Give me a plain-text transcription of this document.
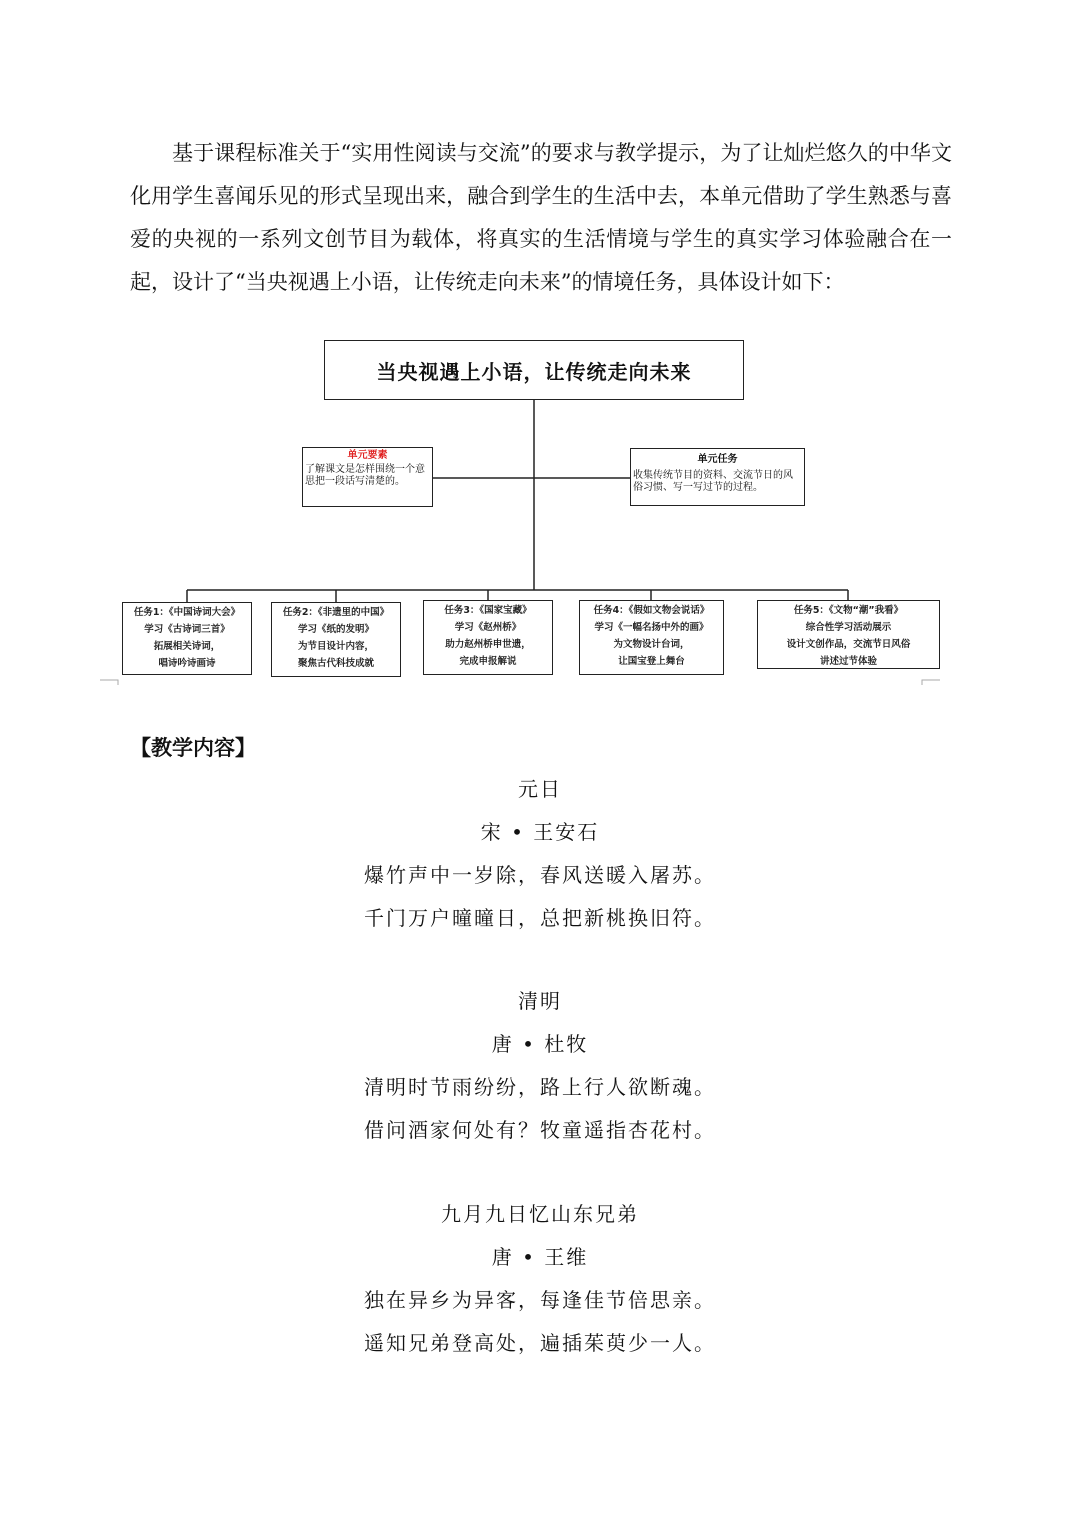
基于课程标准关于“实用性阅读与交流”的要求与教学提示，为了让灿烂悠久的中华文化用学生喜闻乐见的形式呈现出来，融合到学生的生活中去，本单元借助了学生熟悉与喜爱的央视的一系列文创节目为载体，将真实的生活情境与学生的真实学习体验融合在一起，设计了“当央视遇上小语，让传统走向未来”的情境任务，具体设计如下：

当央视遇上小语，让传统走向未来
单元要素
了解课文是怎样围绕一个意思把一段话写清楚的。
单元任务
收集传统节目的资料、交流节日的风俗习惯、写一写过节的过程。
任务1：《中国诗词大会》
学习《古诗词三首》
拓展相关诗词，
唱诗吟诗画诗
任务2：《非遗里的中国》
学习《纸的发明》
为节目设计内容，
聚焦古代科技成就
任务3：《国家宝藏》
学习《赵州桥》
助力赵州桥申世遗，
完成申报解说
任务4：《假如文物会说话》
学习《一幅名扬中外的画》
为文物设计台词，
让国宝登上舞台
任务5：《文物“潮”我看》
综合性学习活动展示
设计文创作品，交流节日风俗
讲述过节体验
【教学内容】
元日
宋 • 王安石
爆竹声中一岁除，春风送暖入屠苏。
千门万户曈曈日，总把新桃换旧符。
清明
唐 • 杜牧
清明时节雨纷纷，路上行人欲断魂。
借问酒家何处有？牧童遥指杏花村。
九月九日忆山东兄弟
唐 • 王维
独在异乡为异客，每逢佳节倍思亲。
遥知兄弟登高处，遍插茱萸少一人。
